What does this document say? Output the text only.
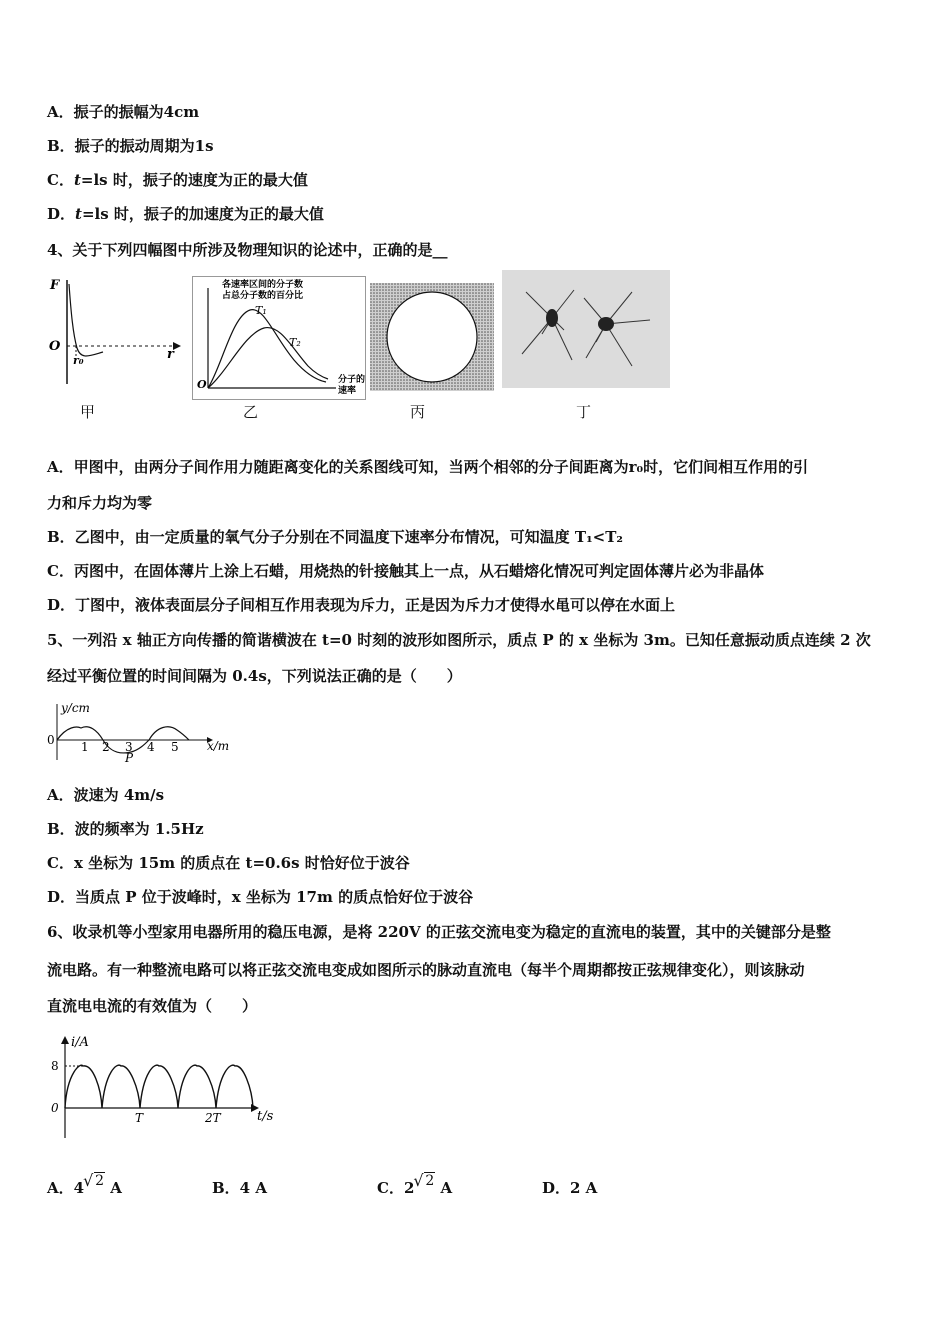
A．振子的振幅为4cm
B．振子的振动周期为1s
C．t=ls 时，振子的速度为正的最大值
D．t=ls 时，振子的加速度为正的最大值
4、关于下列四幅图中所涉及物理知识的论述中，正确的是__
F
O
r
r₀
甲
各速率区间的分子数
占总分子数的百分比
T₁
T₂
O	分子的
速率
乙	丙	丁
A．甲图中，由两分子间作用力随距离变化的关系图线可知，当两个相邻的分子间距离为r₀时，它们间相互作用的引
力和斥力均为零
B．乙图中，由一定质量的氧气分子分别在不同温度下速率分布情况，可知温度 T₁<T₂
C．丙图中，在固体薄片上涂上石蜡，用烧热的针接触其上一点，从石蜡熔化情况可判定固体薄片必为非晶体
D．丁图中，液体表面层分子间相互作用表现为斥力，正是因为斥力才使得水黾可以停在水面上
5、一列沿 x 轴正方向传播的简谐横波在 t=0 时刻的波形如图所示，质点 P 的 x 坐标为 3m。已知任意振动质点连续 2 次
经过平衡位置的时间间隔为 0.4s，下列说法正确的是（　　）
y/cm
x/m
0 1 2 3 4 5
P
A．波速为 4m/s
B．波的频率为 1.5Hz
C．x 坐标为 15m 的质点在 t=0.6s 时恰好位于波谷
D．当质点 P 位于波峰时，x 坐标为 17m 的质点恰好位于波谷
6、收录机等小型家用电器所用的稳压电源，是将 220V 的正弦交流电变为稳定的直流电的装置，其中的关键部分是整
流电路。有一种整流电路可以将正弦交流电变成如图所示的脉动直流电（每半个周期都按正弦规律变化），则该脉动
直流电电流的有效值为（　　）
i/A
t/s
8
0
T	2T
A．4 √ 2 A	B．4 A	C．2 √ 2 A	D．2 A
